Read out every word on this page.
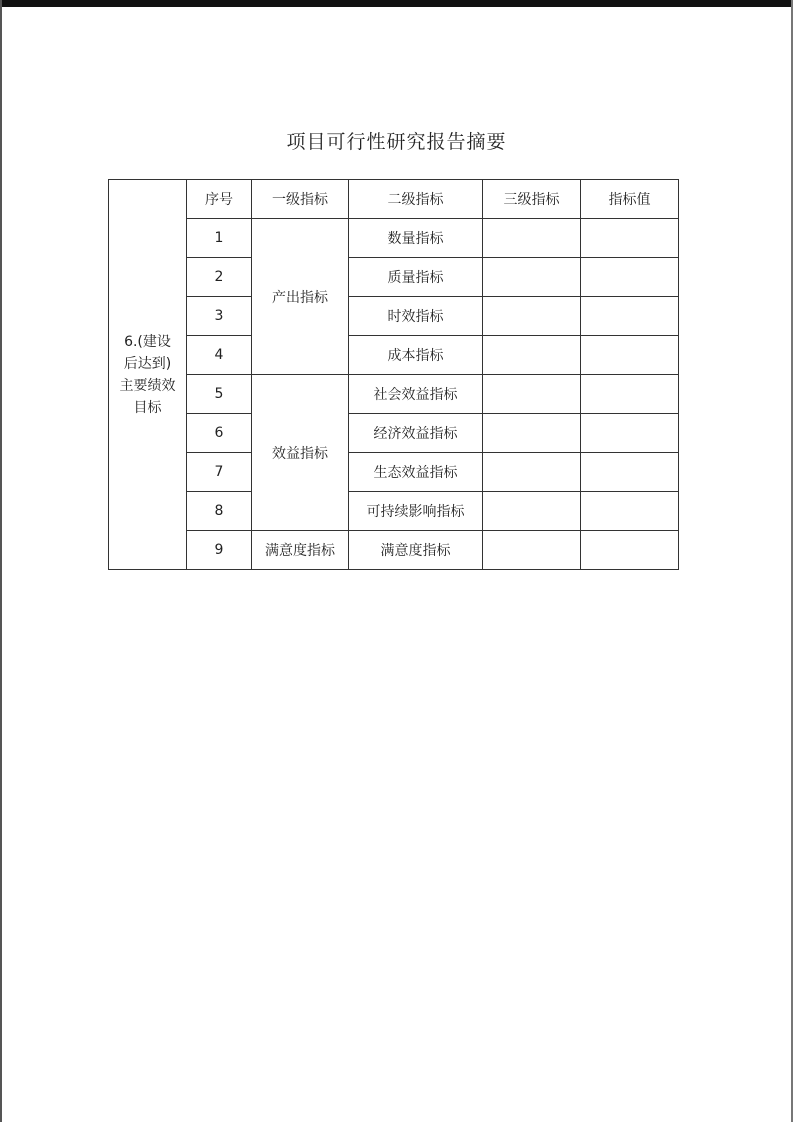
项目可行性研究报告摘要
6.(建设
后达到)
主要绩效
目标	序号	一级指标	二级指标	三级指标	指标值
	1	产出指标	数量指标		
	2		质量指标		
	3		时效指标		
	4		成本指标		
	5	效益指标	社会效益指标		
	6		经济效益指标		
	7		生态效益指标		
	8		可持续影响指标		
	9	满意度指标	满意度指标		
